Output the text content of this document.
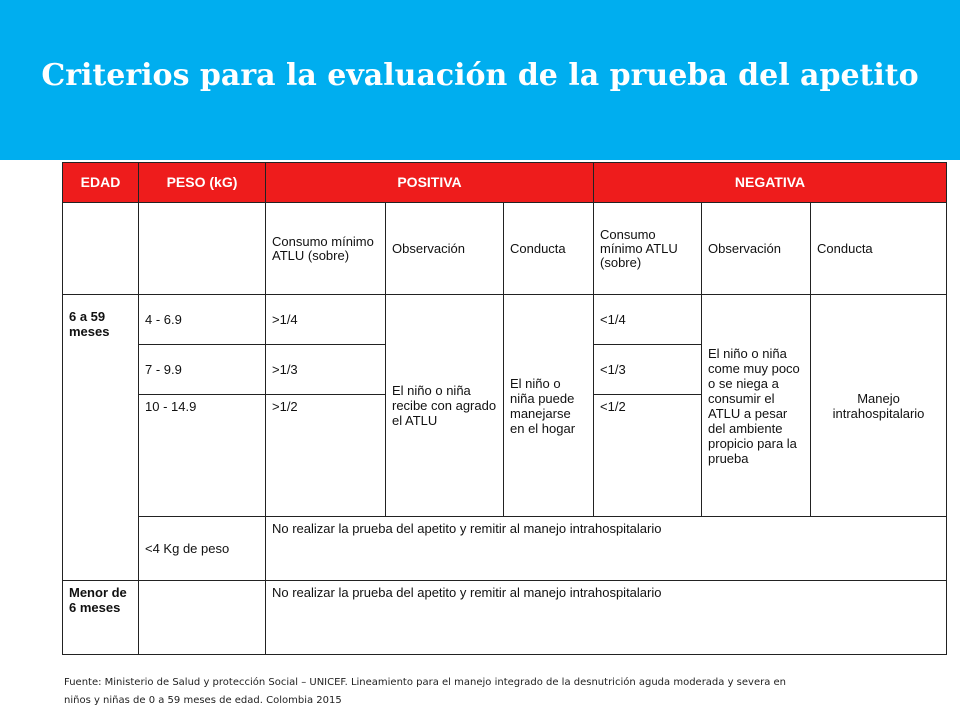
Criterios para la evaluación de la prueba del apetito
EDAD	PESO (kG)	POSITIVA			NEGATIVA		
		Consumo mínimo ATLU (sobre)	Observación	Conducta	Consumo mínimo ATLU (sobre)	Observación	Conducta
6 a 59 meses	4 - 6.9	>1/4	El niño o niña recibe con agrado el ATLU	El niño o niña puede manejarse en el hogar	<1/4	El niño o niña come muy poco o se niega a consumir el ATLU a pesar del ambiente propicio para la prueba	Manejo intrahospitalario
	7 - 9.9	>1/3			<1/3		
	10 - 14.9	>1/2			<1/2		
	<4 Kg de peso	No realizar la prueba del apetito y remitir al manejo intrahospitalario					
Menor de 6 meses		No realizar la prueba del apetito y remitir al manejo intrahospitalario					
Fuente: Ministerio de Salud y protección Social – UNICEF. Lineamiento para el manejo integrado de la desnutrición aguda moderada y severa en
niños y niñas de 0 a 59 meses de edad. Colombia 2015
